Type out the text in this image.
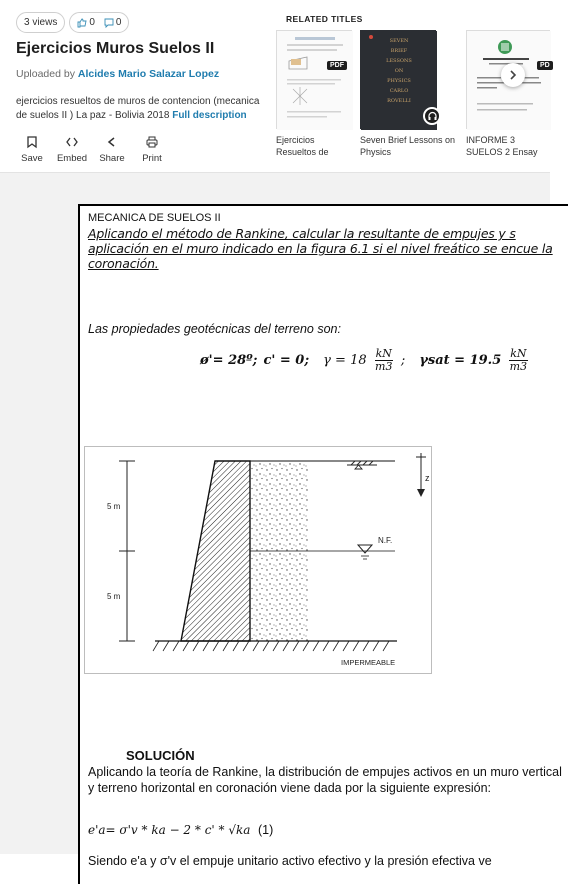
3 views	0 0
Ejercicios Muros Suelos II
Uploaded by Alcides Mario Salazar Lopez
ejercicios resueltos de muros de contencion (mecanica de suelos II ) La paz - Bolivia 2018 Full description
Save Embed Share Print
RELATED TITLES
PDF
Ejercicios Resueltos de
SEVEN
BRIEF
LESSONS
ON
PHYSICS
CARLO
ROVELLI
Seven Brief Lessons on Physics
PD
INFORME 3 SUELOS 2 Ensay
MECANICA DE SUELOS II
Aplicando el método de Rankine, calcular la resultante de empujes y s aplicación en el muro indicado en la figura 6.1 si el nivel freático se encue la coronación.
Las propiedades geotécnicas del terreno son:
ø'= 28º; c' = 0; $\gamma = 18 \frac{kN}{m3}$ ; $\gamma sat = 19.5 \frac{kN}{m3}$
5 m
5 m
z
N.F.
IMPERMEABLE
SOLUCIÓN
Aplicando la teoría de Rankine, la distribución de empujes activos en un muro vertical y terreno horizontal en coronación viene dada por la siguiente expresión:
e'a= σ'v * ka − 2 * c' * √ka (1)
Siendo e'a y σ'v el empuje unitario activo efectivo y la presión efectiva ve
